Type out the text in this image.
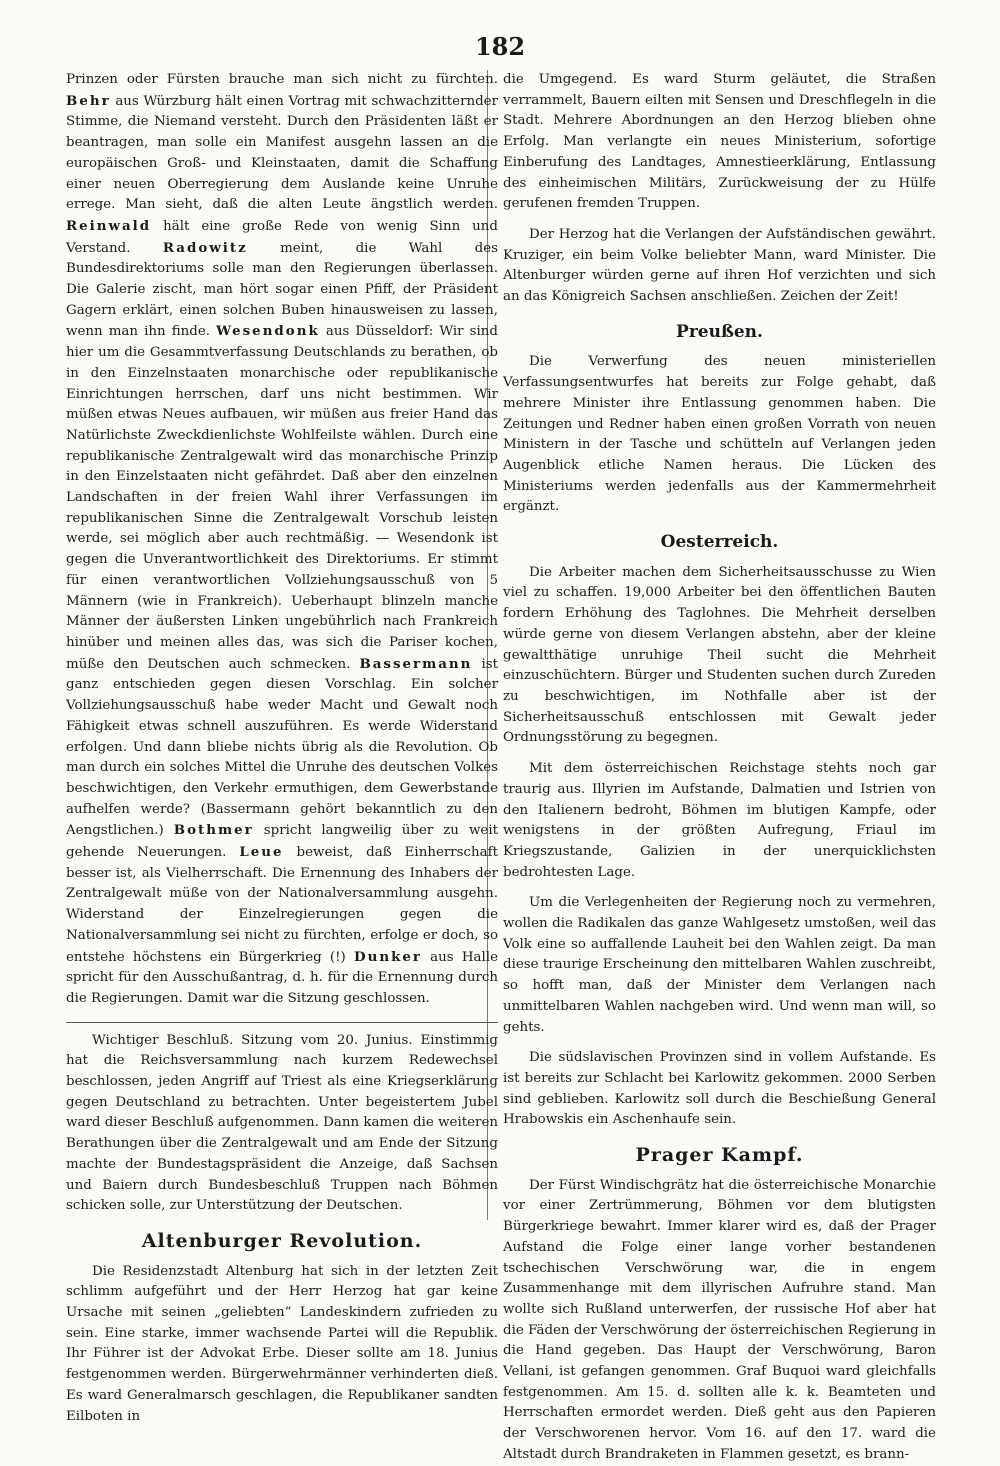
182

Prinzen oder Fürsten brauche man sich nicht zu fürchten. Behr aus Würzburg hält einen Vortrag mit schwachzitternder Stimme, die Niemand versteht. Durch den Präsidenten läßt er beantragen, man solle ein Manifest ausgehn lassen an die europäischen Groß- und Kleinstaaten, damit die Schaffung einer neuen Oberregierung dem Auslande keine Unruhe errege. Man sieht, daß die alten Leute ängstlich werden. Reinwald hält eine große Rede von wenig Sinn und Verstand. Radowitz meint, die Wahl des Bundesdirektoriums solle man den Regierungen überlassen. Die Galerie zischt, man hört sogar einen Pfiff, der Präsident Gagern erklärt, einen solchen Buben hinausweisen zu lassen, wenn man ihn finde. Wesendonk aus Düsseldorf: Wir sind hier um die Gesammtverfassung Deutschlands zu berathen, ob in den Einzelnstaaten monarchische oder republikanische Einrichtungen herrschen, darf uns nicht bestimmen. Wir müßen etwas Neues aufbauen, wir müßen aus freier Hand das Natürlichste Zweckdienlichste Wohlfeilste wählen. Durch eine republikanische Zentralgewalt wird das monarchische Prinzip in den Einzelstaaten nicht gefährdet. Daß aber den einzelnen Landschaften in der freien Wahl ihrer Verfassungen im republikanischen Sinne die Zentralgewalt Vorschub leisten werde, sei möglich aber auch rechtmäßig. — Wesendonk ist gegen die Unverantwortlichkeit des Direktoriums. Er stimmt für einen verantwortlichen Vollziehungsausschuß von 5 Männern (wie in Frankreich). Ueberhaupt blinzeln manche Männer der äußersten Linken ungebührlich nach Frankreich hinüber und meinen alles das, was sich die Pariser kochen, müße den Deutschen auch schmecken. Bassermann ist ganz entschieden gegen diesen Vorschlag. Ein solcher Vollziehungsausschuß habe weder Macht und Gewalt noch Fähigkeit etwas schnell auszuführen. Es werde Widerstand erfolgen. Und dann bliebe nichts übrig als die Revolution. Ob man durch ein solches Mittel die Unruhe des deutschen Volkes beschwichtigen, den Verkehr ermuthigen, dem Gewerbstande aufhelfen werde? (Bassermann gehört bekanntlich zu den Aengstlichen.) Bothmer spricht langweilig über zu weit gehende Neuerungen. Leue beweist, daß Einherrschaft besser ist, als Vielherrschaft. Die Ernennung des Inhabers der Zentralgewalt müße von der Nationalversammlung ausgehn. Widerstand der Einzelregierungen gegen die Nationalversammlung sei nicht zu fürchten, erfolge er doch, so entstehe höchstens ein Bürgerkrieg (!) Dunker aus Halle spricht für den Ausschußantrag, d. h. für die Ernennung durch die Regierungen. Damit war die Sitzung geschlossen.

Wichtiger Beschluß. Sitzung vom 20. Junius. Einstimmig hat die Reichsversammlung nach kurzem Redewechsel beschlossen, jeden Angriff auf Triest als eine Kriegserklärung gegen Deutschland zu betrachten. Unter begeistertem Jubel ward dieser Beschluß aufgenommen. Dann kamen die weiteren Berathungen über die Zentralgewalt und am Ende der Sitzung machte der Bundestagspräsident die Anzeige, daß Sachsen und Baiern durch Bundesbeschluß Truppen nach Böhmen schicken solle, zur Unterstützung der Deutschen.

Altenburger Revolution.

Die Residenzstadt Altenburg hat sich in der letzten Zeit schlimm aufgeführt und der Herr Herzog hat gar keine Ursache mit seinen „geliebten“ Landeskindern zufrieden zu sein. Eine starke, immer wachsende Partei will die Republik. Ihr Führer ist der Advokat Erbe. Dieser sollte am 18. Junius festgenommen werden. Bürgerwehrmänner verhinderten dieß. Es ward Generalmarsch geschlagen, die Republikaner sandten Eilboten in

die Umgegend. Es ward Sturm geläutet, die Straßen verrammelt, Bauern eilten mit Sensen und Dreschflegeln in die Stadt. Mehrere Abordnungen an den Herzog blieben ohne Erfolg. Man verlangte ein neues Ministerium, sofortige Einberufung des Landtages, Amnestieerklärung, Entlassung des einheimischen Militärs, Zurückweisung der zu Hülfe gerufenen fremden Truppen.

Der Herzog hat die Verlangen der Aufständischen gewährt. Kruziger, ein beim Volke beliebter Mann, ward Minister. Die Altenburger würden gerne auf ihren Hof verzichten und sich an das Königreich Sachsen anschließen. Zeichen der Zeit!

Preußen.

Die Verwerfung des neuen ministeriellen Verfassungsentwurfes hat bereits zur Folge gehabt, daß mehrere Minister ihre Entlassung genommen haben. Die Zeitungen und Redner haben einen großen Vorrath von neuen Ministern in der Tasche und schütteln auf Verlangen jeden Augenblick etliche Namen heraus. Die Lücken des Ministeriums werden jedenfalls aus der Kammermehrheit ergänzt.

Oesterreich.

Die Arbeiter machen dem Sicherheitsausschusse zu Wien viel zu schaffen. 19,000 Arbeiter bei den öffentlichen Bauten fordern Erhöhung des Taglohnes. Die Mehrheit derselben würde gerne von diesem Verlangen abstehn, aber der kleine gewaltthätige unruhige Theil sucht die Mehrheit einzuschüchtern. Bürger und Studenten suchen durch Zureden zu beschwichtigen, im Nothfalle aber ist der Sicherheitsausschuß entschlossen mit Gewalt jeder Ordnungsstörung zu begegnen.

Mit dem österreichischen Reichstage stehts noch gar traurig aus. Illyrien im Aufstande, Dalmatien und Istrien von den Italienern bedroht, Böhmen im blutigen Kampfe, oder wenigstens in der größten Aufregung, Friaul im Kriegszustande, Galizien in der unerquicklichsten bedrohtesten Lage.

Um die Verlegenheiten der Regierung noch zu vermehren, wollen die Radikalen das ganze Wahlgesetz umstoßen, weil das Volk eine so auffallende Lauheit bei den Wahlen zeigt. Da man diese traurige Erscheinung den mittelbaren Wahlen zuschreibt, so hofft man, daß der Minister dem Verlangen nach unmittelbaren Wahlen nachgeben wird. Und wenn man will, so gehts.

Die südslavischen Provinzen sind in vollem Aufstande. Es ist bereits zur Schlacht bei Karlowitz gekommen. 2000 Serben sind geblieben. Karlowitz soll durch die Beschießung General Hrabowskis ein Aschenhaufe sein.

Prager Kampf.

Der Fürst Windischgrätz hat die österreichische Monarchie vor einer Zertrümmerung, Böhmen vor dem blutigsten Bürgerkriege bewahrt. Immer klarer wird es, daß der Prager Aufstand die Folge einer lange vorher bestandenen tschechischen Verschwörung war, die in engem Zusammenhange mit dem illyrischen Aufruhre stand. Man wollte sich Rußland unterwerfen, der russische Hof aber hat die Fäden der Verschwörung der österreichischen Regierung in die Hand gegeben. Das Haupt der Verschwörung, Baron Vellani, ist gefangen genommen. Graf Buquoi ward gleichfalls festgenommen. Am 15. d. sollten alle k. k. Beamteten und Herrschaften ermordet werden. Dieß geht aus den Papieren der Verschworenen hervor. Vom 16. auf den 17. ward die Altstadt durch Brandraketen in Flammen gesetzt, es brann-
